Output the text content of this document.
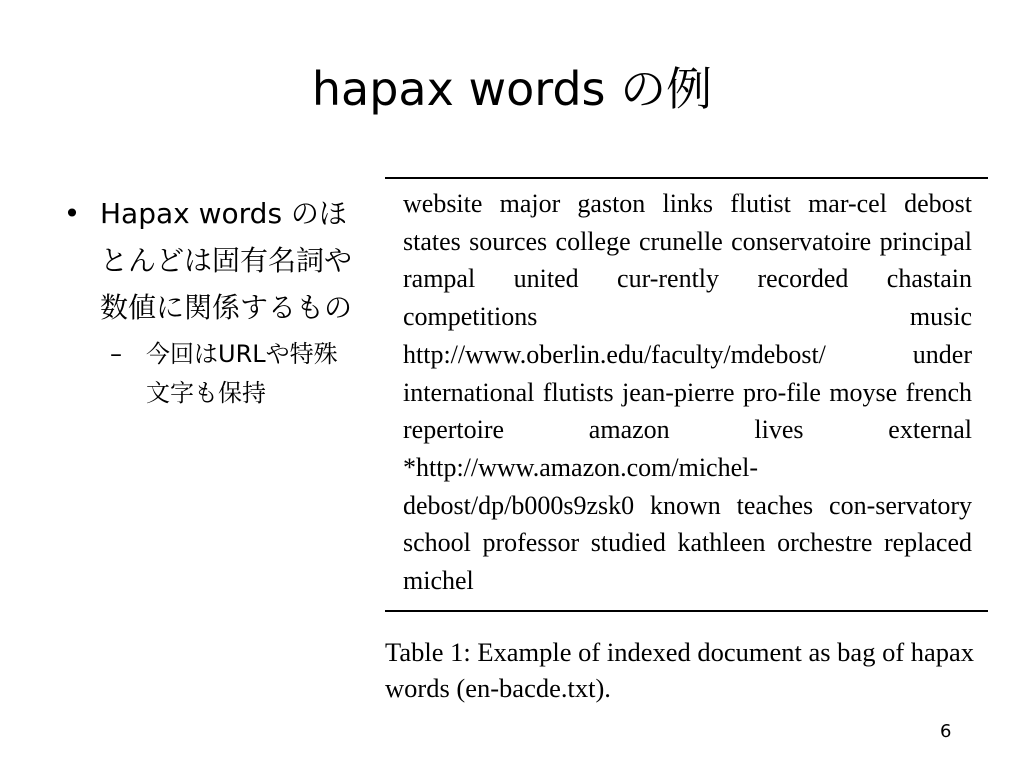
hapax words の例
• Hapax words のほとんどは固有名詞や数値に関係するもの
– 今回はURLや特殊文字も保持
website major gaston links flutist mar-cel debost states sources college crunelle conservatoire principal rampal united cur-rently recorded chastain competitions music http://www.oberlin.edu/faculty/mdebost/ under international flutists jean-pierre pro-file moyse french repertoire amazon lives external *http://www.amazon.com/michel-debost/dp/b000s9zsk0 known teaches con-servatory school professor studied kathleen orchestre replaced michel
Table 1: Example of indexed document as bag of hapax words (en-bacde.txt).
6
